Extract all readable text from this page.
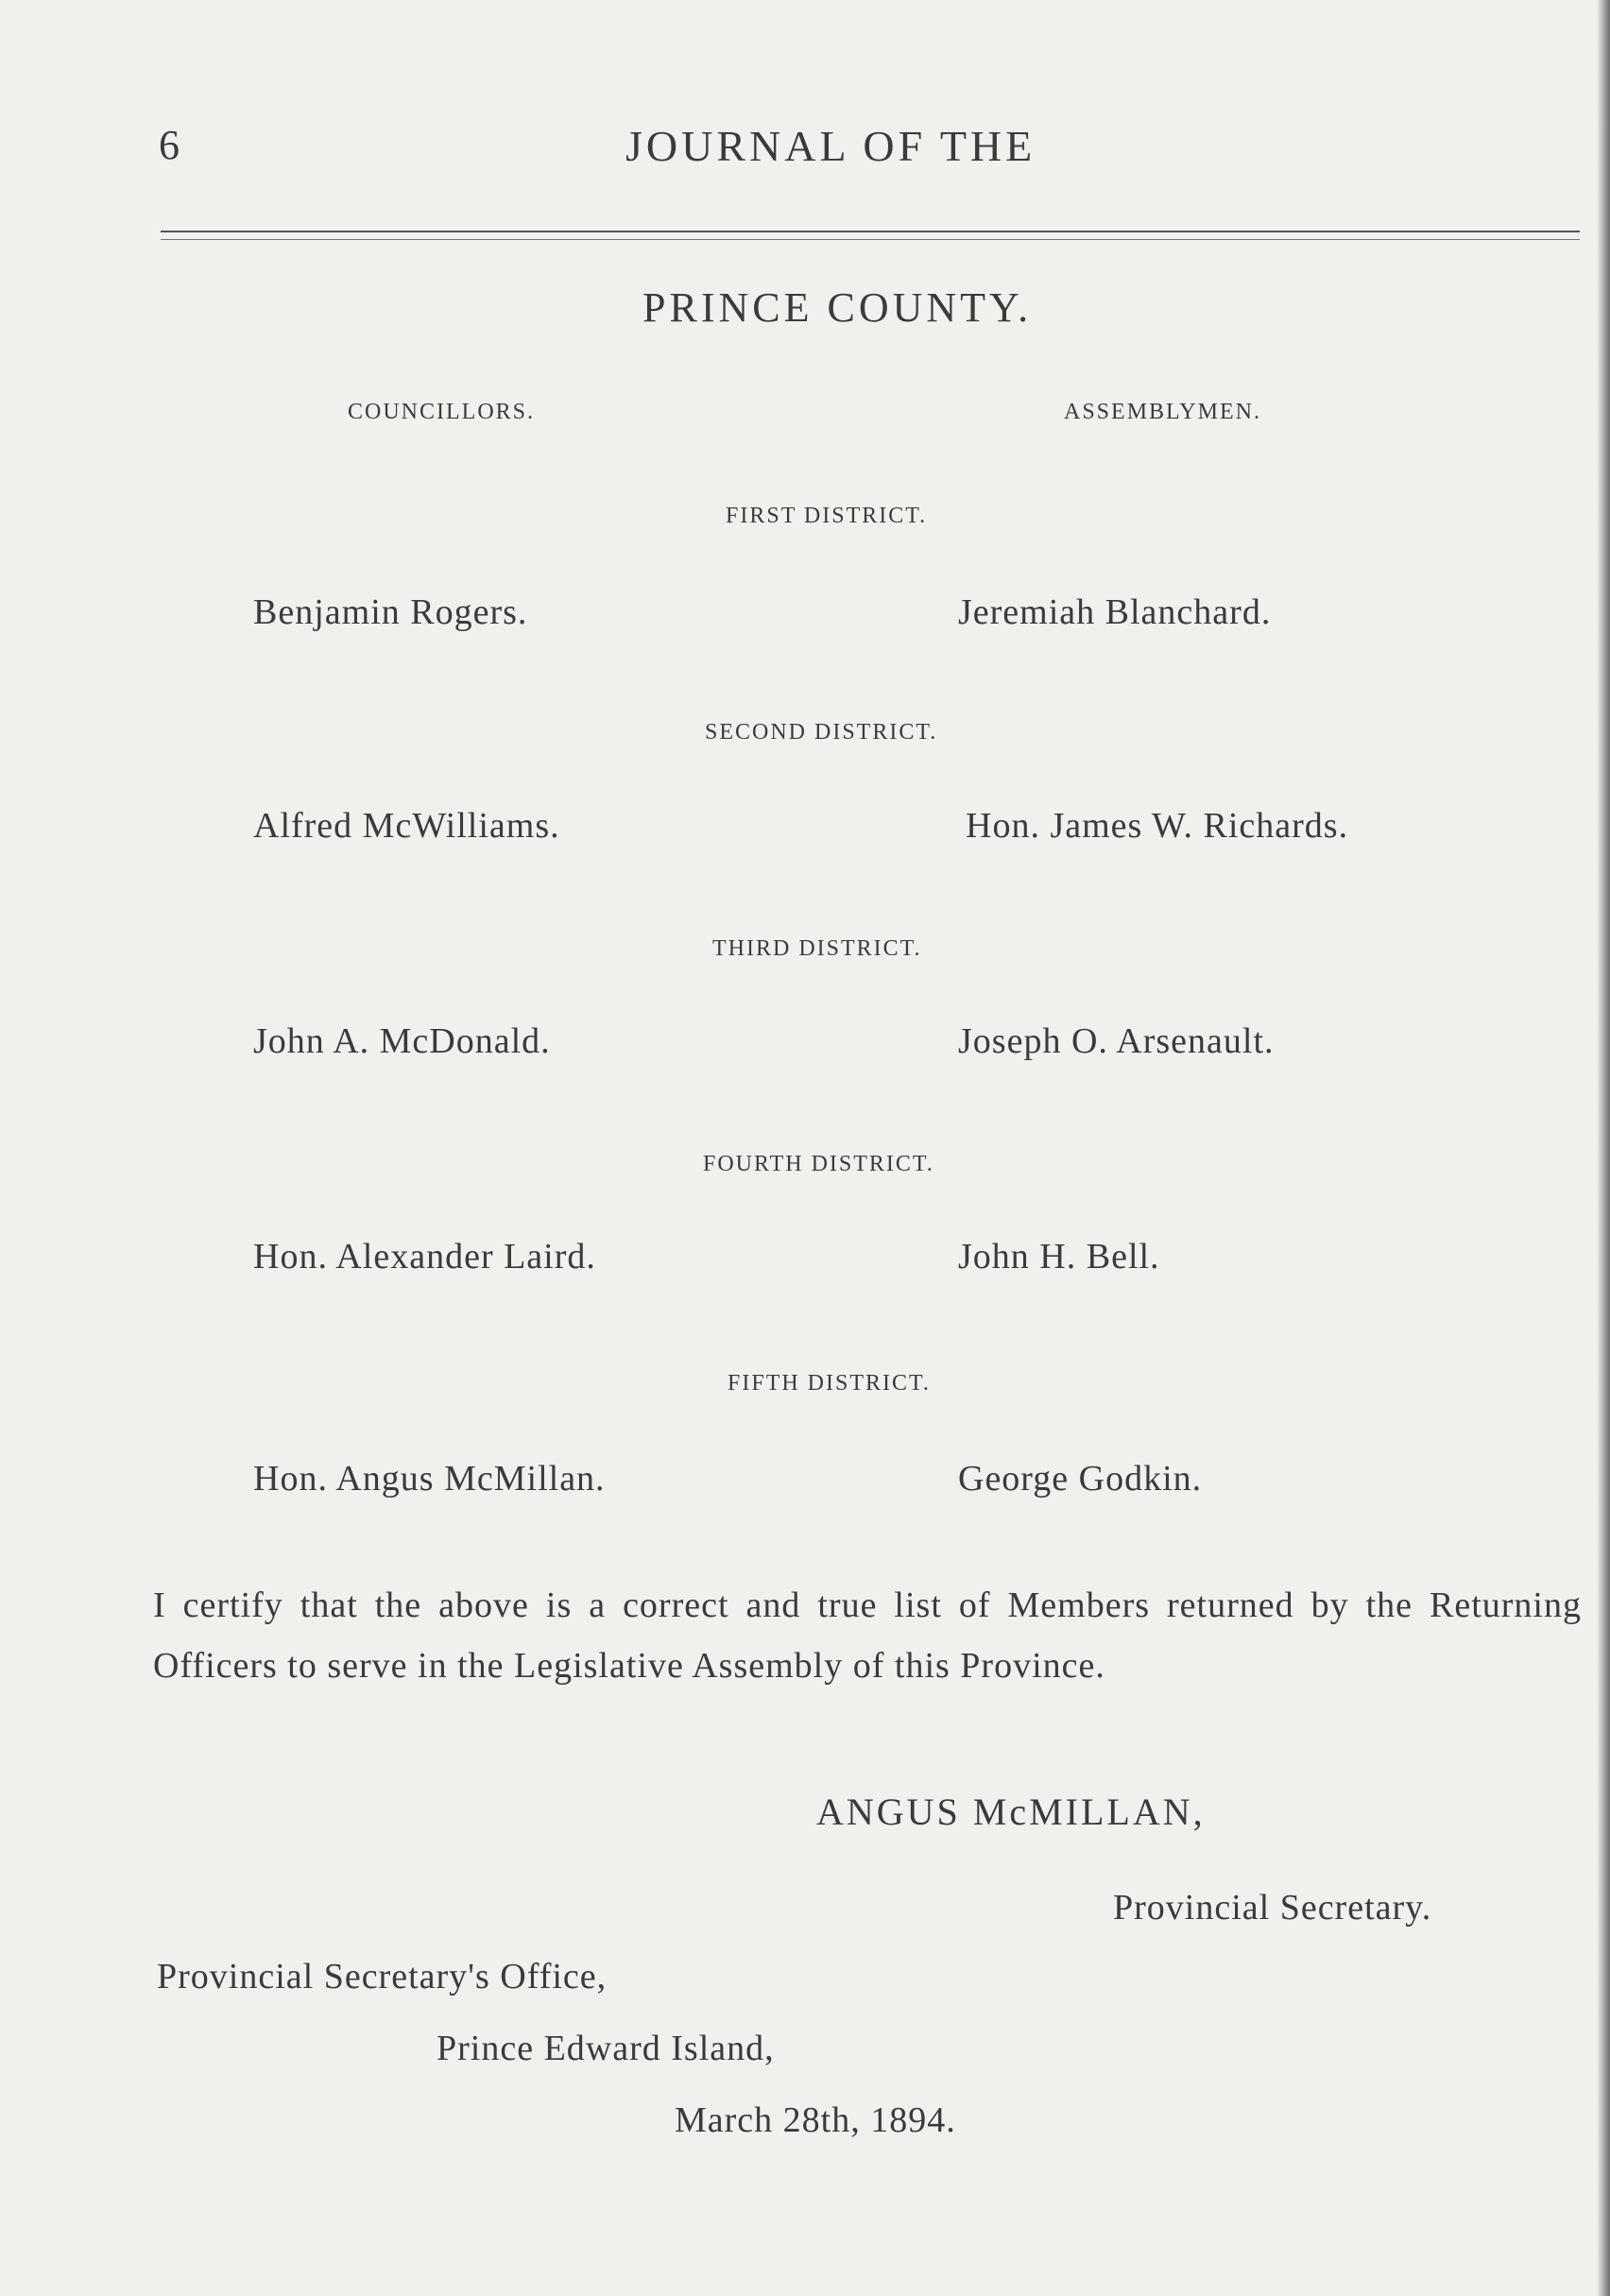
6	JOURNAL OF THE
PRINCE COUNTY.
COUNCILLORS.	ASSEMBLYMEN.
FIRST DISTRICT.
Benjamin Rogers.	Jeremiah Blanchard.
SECOND DISTRICT.
Alfred McWilliams.	Hon. James W. Richards.
THIRD DISTRICT.
John A. McDonald.	Joseph O. Arsenault.
FOURTH DISTRICT.
Hon. Alexander Laird.	John H. Bell.
FIFTH DISTRICT.
Hon. Angus McMillan.	George Godkin.
I certify that the above is a correct and true list of Members returned by the Returning Officers to serve in the Legislative Assembly of this Province.
ANGUS McMILLAN,
Provincial Secretary.
Provincial Secretary's Office,
Prince Edward Island,
March 28th, 1894.
